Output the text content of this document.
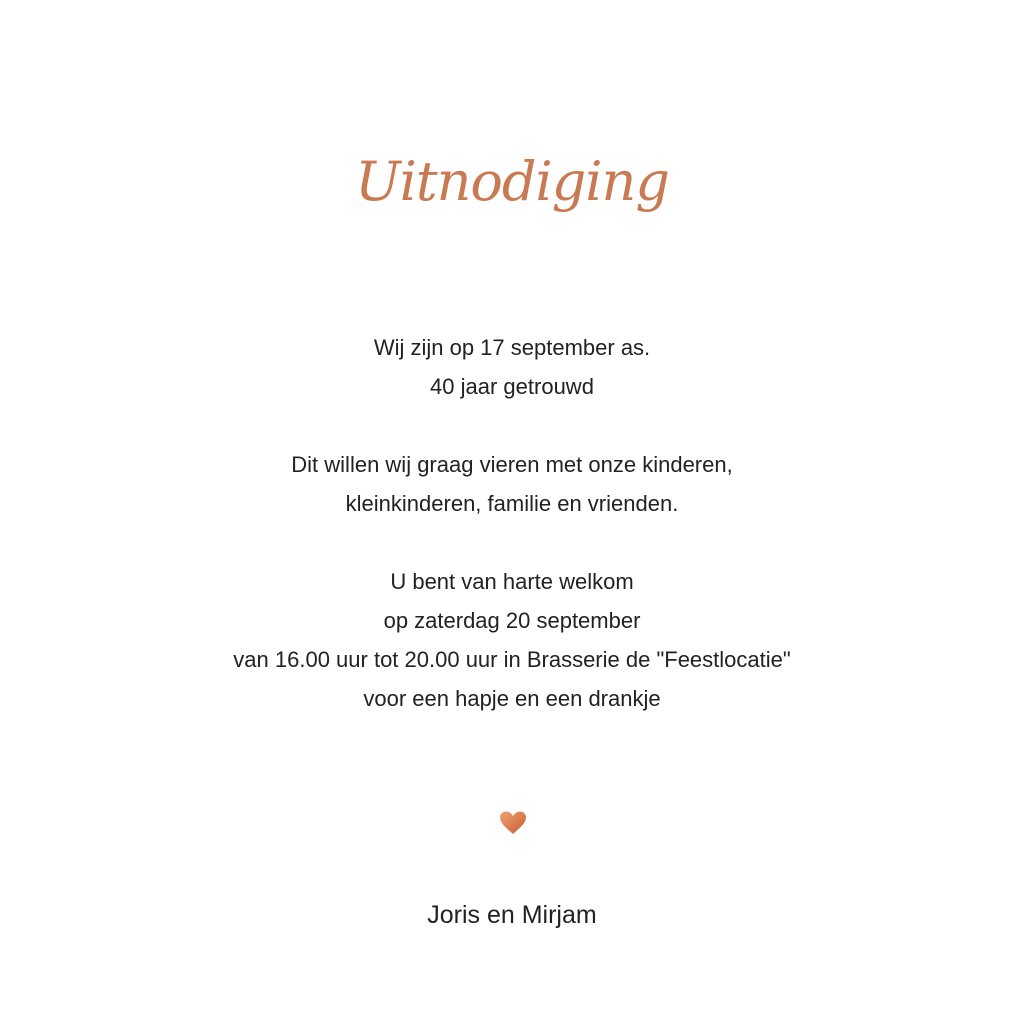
Uitnodiging
Wij zijn op 17 september as.
40 jaar getrouwd
Dit willen wij graag vieren met onze kinderen,
kleinkinderen, familie en vrienden.
U bent van harte welkom
op zaterdag 20 september
van 16.00 uur tot 20.00 uur in Brasserie de "Feestlocatie"
voor een hapje en een drankje
Joris en Mirjam
